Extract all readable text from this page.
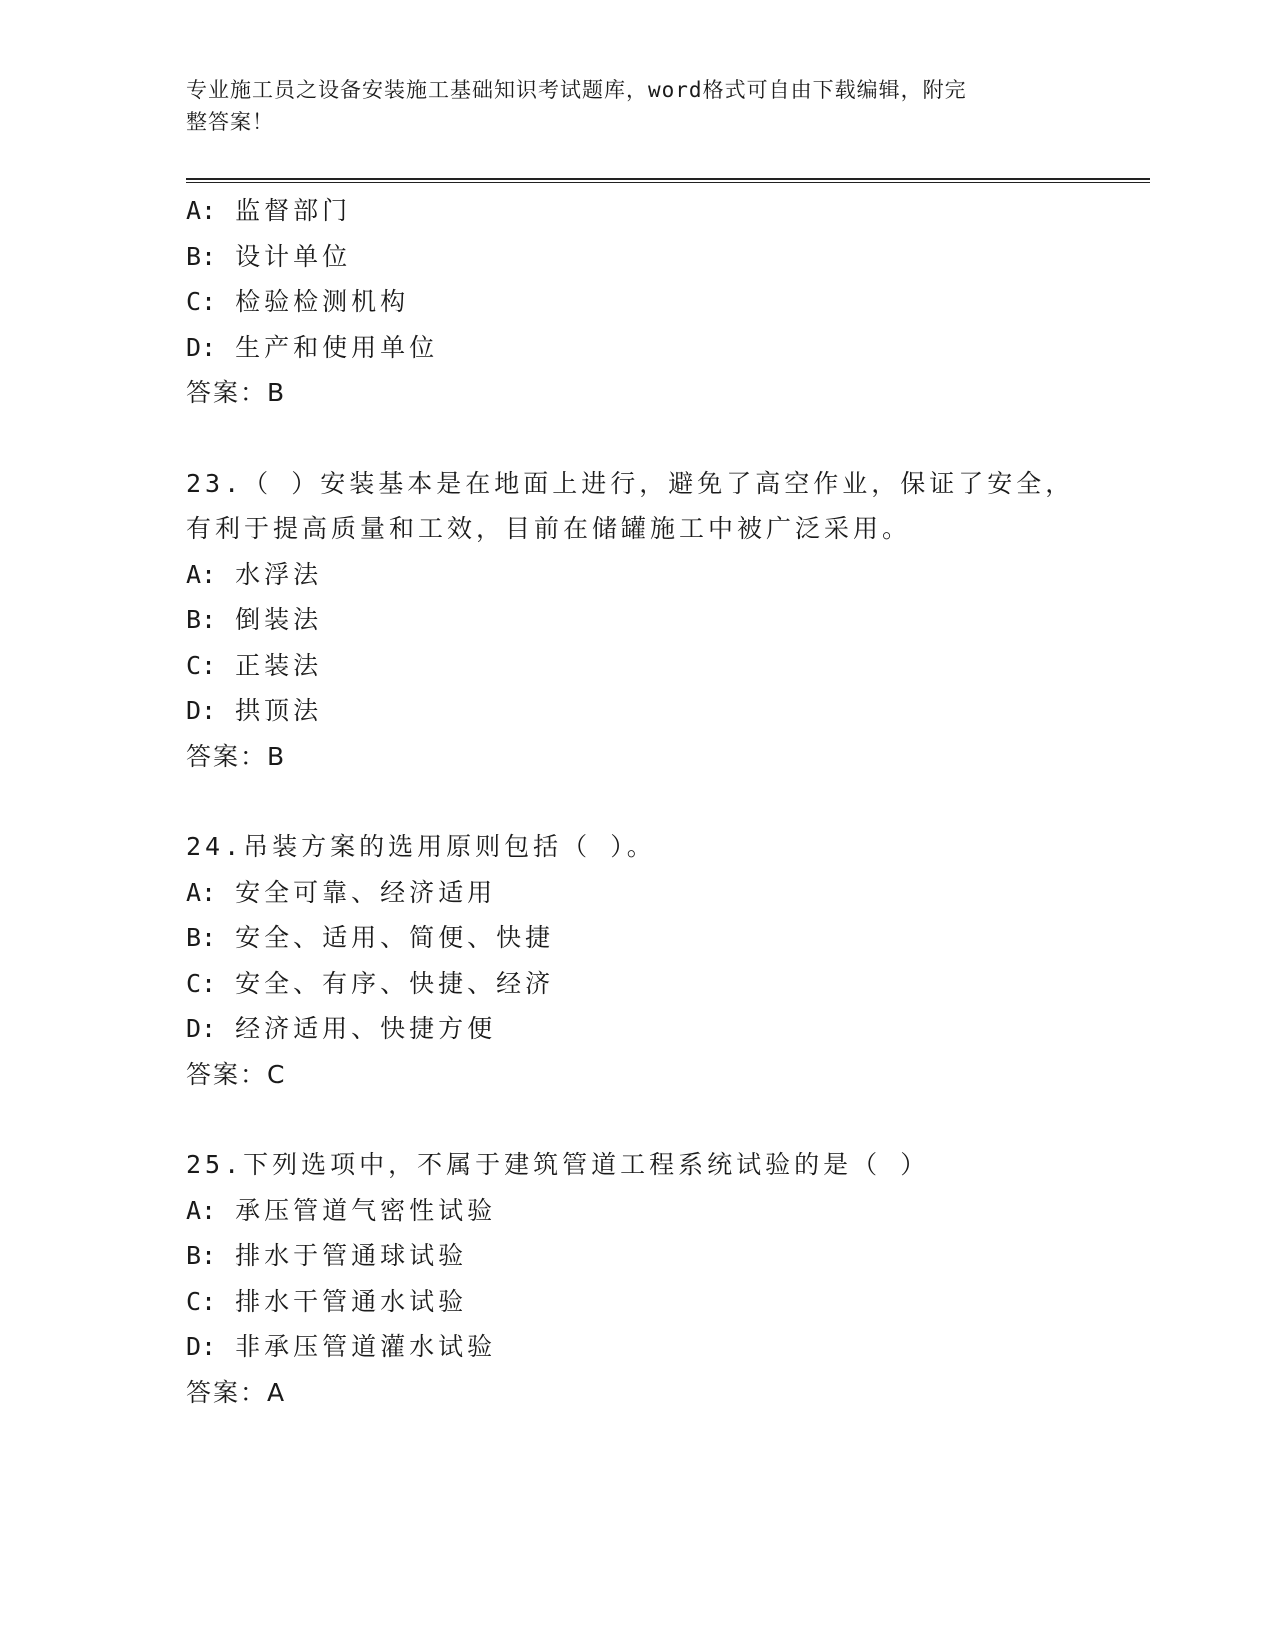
专业施工员之设备安装施工基础知识考试题库，word格式可自由下载编辑，附完
整答案！
A: 监督部门
B: 设计单位
C: 检验检测机构
D: 生产和使用单位
答案：B
23.（ ）安装基本是在地面上进行，避免了高空作业，保证了安全，
有利于提高质量和工效，目前在储罐施工中被广泛采用。
A: 水浮法
B: 倒装法
C: 正装法
D: 拱顶法
答案：B
24.吊装方案的选用原则包括（ ）。
A: 安全可靠、经济适用
B: 安全、适用、简便、快捷
C: 安全、有序、快捷、经济
D: 经济适用、快捷方便
答案：C
25.下列选项中，不属于建筑管道工程系统试验的是（ ）
A: 承压管道气密性试验
B: 排水于管通球试验
C: 排水干管通水试验
D: 非承压管道灌水试验
答案：A
